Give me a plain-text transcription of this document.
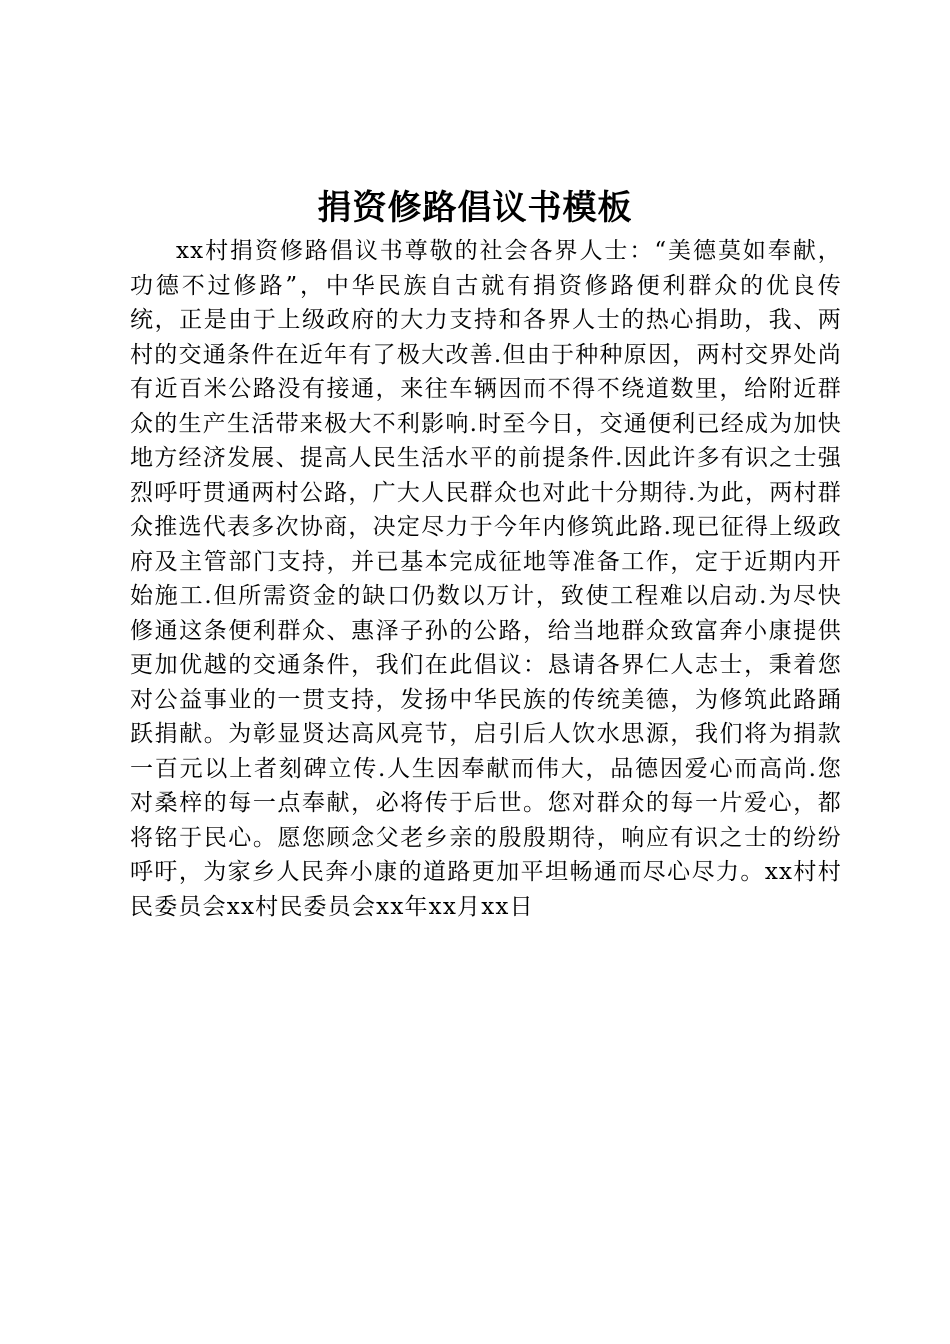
捐资修路倡议书模板

xx村捐资修路倡议书尊敬的社会各界人士：“美德莫如奉献，功德不过修路”，中华民族自古就有捐资修路便利群众的优良传统，正是由于上级政府的大力支持和各界人士的热心捐助，我、两村的交通条件在近年有了极大改善.但由于种种原因，两村交界处尚有近百米公路没有接通，来往车辆因而不得不绕道数里，给附近群众的生产生活带来极大不利影响.时至今日，交通便利已经成为加快地方经济发展、提高人民生活水平的前提条件.因此许多有识之士强烈呼吁贯通两村公路，广大人民群众也对此十分期待.为此，两村群众推选代表多次协商，决定尽力于今年内修筑此路.现已征得上级政府及主管部门支持，并已基本完成征地等准备工作，定于近期内开始施工.但所需资金的缺口仍数以万计，致使工程难以启动.为尽快修通这条便利群众、惠泽子孙的公路，给当地群众致富奔小康提供更加优越的交通条件，我们在此倡议：恳请各界仁人志士，秉着您对公益事业的一贯支持，发扬中华民族的传统美德，为修筑此路踊跃捐献。为彰显贤达高风亮节，启引后人饮水思源，我们将为捐款一百元以上者刻碑立传.人生因奉献而伟大，品德因爱心而高尚.您对桑梓的每一点奉献，必将传于后世。您对群众的每一片爱心，都将铭于民心。愿您顾念父老乡亲的殷殷期待，响应有识之士的纷纷呼吁，为家乡人民奔小康的道路更加平坦畅通而尽心尽力。xx村村民委员会xx村民委员会xx年xx月xx日
